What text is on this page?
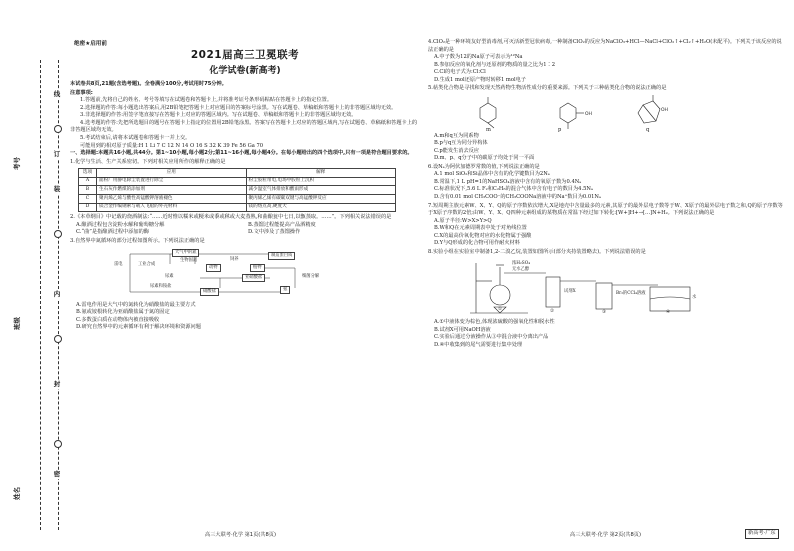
姓名
班级
考号
线
订
装
内
封
密
绝密★启用前
2021届高三卫冕联考
化学试卷(新高考)
本试卷共8页,21题(含选考题)。全卷满分100分,考试用时75分钟。
注意事项:
1.答题前,先将自己的姓名、考号等填写在试题卷和答题卡上,并将准考证号条形码粘贴在答题卡上的指定位置。
2.选择题的作答:每小题选出答案后,用2B铅笔把答题卡上对应题目的答案标号涂黑。写在试题卷、草稿纸和答题卡上的非答题区域均无效。
3.非选择题的作答:用签字笔直接写在答题卡上对应的答题区域内。写在试题卷、草稿纸和答题卡上的非答题区域均无效。
4.选考题的作答:先把所选题目的题号在答题卡上指定的位置用2B铅笔涂黑。答案写在答题卡上对应的答题区域内,写在试题卷、草稿纸和答题卡上的非答题区域均无效。
5.考试结束后,请将本试题卷和答题卡一并上交。
可能用到的相对原子质量:H 1 Li 7 C 12 N 14 O 16 S 32 K 39 Fe 56 Ga 70
一、选择题:本题共16小题,共44分。第1~10小题,每小题2分;第11~16小题,每小题4分。在每小题给出的四个选项中,只有一项是符合题目要求的。
1.化学与生活、生产关系密切。下列对相关应用所作的解释正确的是
选项	应用	解释
A	面粉厂用静电除尘装置进行除尘	粉尘胶粒带电,电场中胶粒上沉积
B	生石灰作燃煤的添加剂	减少温室气体排放和酸雨形成
C	聚丙烯乙烯与酸性高锰酸钾溶液褪色	聚丙烯乙烯有碳碳双键与高锰酸钾反应
D	镁合金作编钢索与载人飞船的外壳材料	镁的熔点高,硬度大
2.《本草纲目》中记载的烧酒制法:“……近时惟以糯米或粳米或黍或秫或大麦蒸熟,和曲酿瓮中七日,以甑蒸取。……”。下列相关说法错误的是
A.酿酒过程包含淀粉水解和葡萄糖分解	B.蒸馏过程能提高产品酒精度
C.“曲”是指酿酒过程中添加的酶	D.文中涉及了蒸馏操作
3.自然界中氮循环的部分过程如图所示。下列说法正确的是
大气中的氮
雷电	工业合成
生物固氮
动物	植物
饲养
制造蛋白质
尿素	亚硝酸盐
硝酸盐	氨
细菌分解
尿素和铵盐
A.雷电作用是大气中的氮转化为硝酸盐的最主要方式
B.氨或铵根转化为亚硝酸盐属于氮的固定
C.多数蛋白质在动物体内被直接吸收
D.研究自然界中的元素循环有利于解决环境和资源问题
4.ClO₂是一种环境友好型消毒剂,可灭活新型冠状病毒,一种制备ClO₂的反应为NaClO₃+HCl—NaCl+ClO₂↑+Cl₂↑+H₂O(未配平)。下列关于该反应的说法正确的是
A.中子数为12的Na原子可表示为¹²Na
B.参加反应的氧化剂与还原剂的物质的量之比为1∶2
C.Cl的电子式为:Cl:Cl
D.生成1 mol还原产物时转移1 mol电子
5.萜类化合物是寻找和发现天然药物生物活性成分的重要来源。下列关于三种萜类化合物的说法正确的是
OH
OH
m	p	q
A.m和q互为同系物
B.p与q互为同分异构体
C.p能发生消去反应
D.m、p、q分子中的碳原子均处于同一平面
6.设Nₐ为阿伏加德罗常数的值,下列说法正确的是
A.1 mol SiO₂和Si晶体中含有的化学键数目为2Nₐ
B.常温下,1 L pH=1的NaHSO₄溶液中含有的氧原子数为0.4Nₐ
C.标准状况下,5.6 L F₂和C₂H₆的混合气体中含有电子的数目为4.5Nₐ
D.含有0.01 mol CH₃COO⁻的CH₃COONa溶液中的Na⁺数目为0.01Nₐ
7.短周期主族元素W、X、Y、Q的原子序数依次增大,X是地壳中含量最多的元素,其原子的最外层电子数等于W、X原子的最外层电子数之和,Q的原子序数等于X原子序数的2倍;由W、Y、X、Q四种元素组成的某物质在常温下经过如下转化:[W+]H+→[…]N+H₂。下列说法正确的是
A.原子半径:W>X>Y>Q
B.W和Q在元素周期表中处于对角线位置
C.X的最高价氧化物对应的水化物属于强酸
D.Y与Q形成的化合物可用作耐火材料
8.实验小组在实验室中制备1,2-二溴乙烷,装置如图所示(部分夹持装置略去)。下列说法错误的是
浓H₂SO₄
无水乙醇
①	②
试剂X
③
Br₂的CCl₄溶液
④
水
A.①中液体变为棕色,体现浓硫酸的强氧化性和脱水性
B.试剂X可用NaOH溶液
C.实验后通过分液操作从③中混合液中分离出产品
D.④中收集到的尾气需要进行集中处理
高三大联考·化学 第1页(共8页)	高三大联考·化学 第2页(共8页)	新高考·广东
